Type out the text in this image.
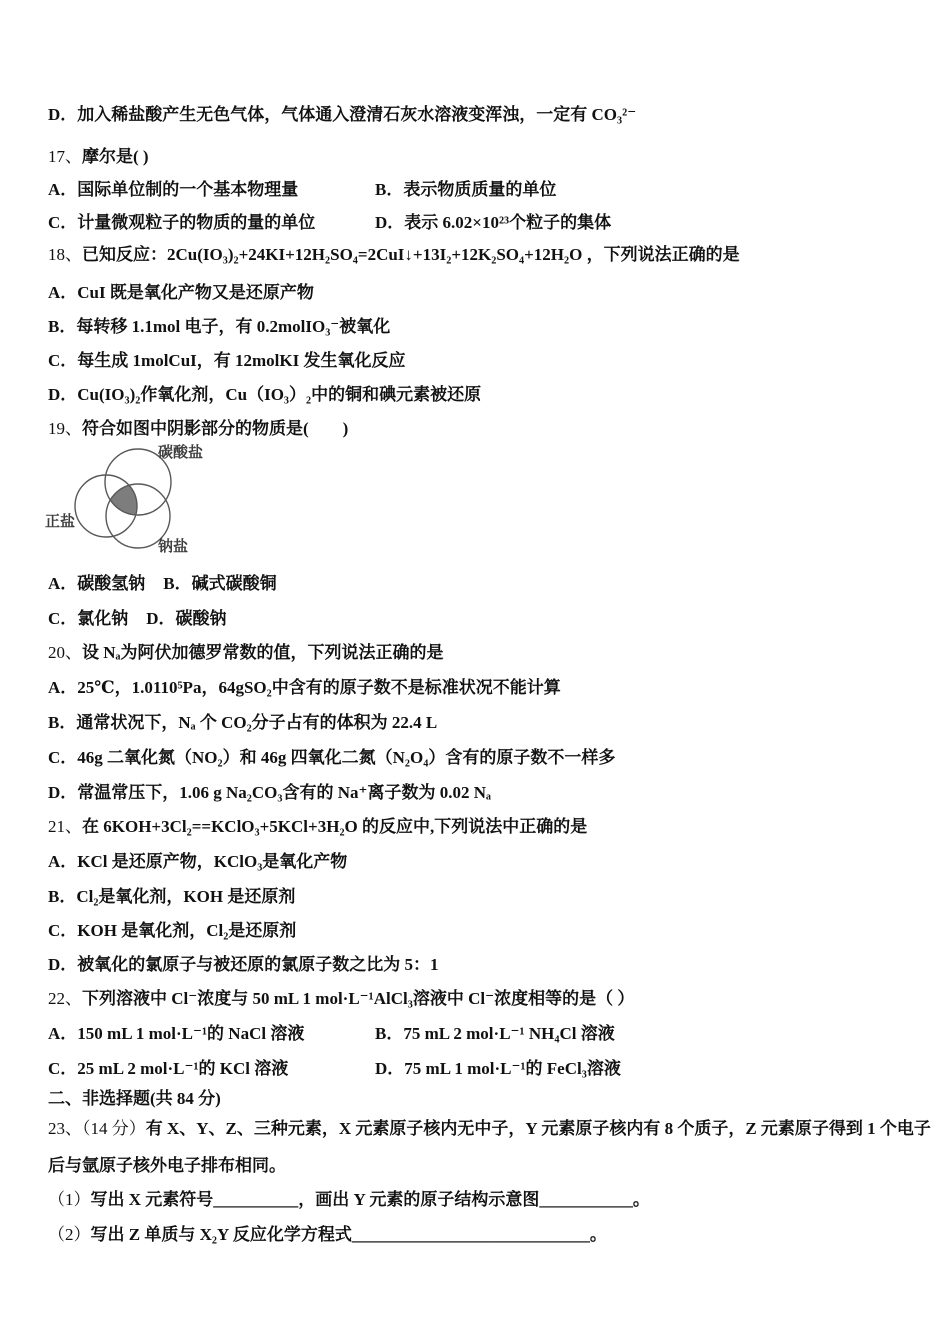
D．加入稀盐酸产生无色气体，气体通入澄清石灰水溶液变浑浊，一定有 CO₃²⁻
17、摩尔是( )
A．国际单位制的一个基本物理量	B．表示物质质量的单位
C．计量微观粒子的物质的量的单位	D．表示 6.02×10²³个粒子的集体
18、已知反应：2Cu(IO₃)₂+24KI+12H₂SO₄=2CuI↓+13I₂+12K₂SO₄+12H₂O ，下列说法正确的是
A．CuI 既是氧化产物又是还原产物
B．每转移 1.1mol 电子，有 0.2molIO₃⁻被氧化
C．每生成 1molCuI，有 12molKI 发生氧化反应
D．Cu(IO₃)₂作氧化剂，Cu（IO₃）₂中的铜和碘元素被还原
19、符合如图中阴影部分的物质是(　　)
碳酸盐
正盐
钠盐
A．碳酸氢钠 B．碱式碳酸铜
C．氯化钠 D．碳酸钠
20、设 Nₐ为阿伏加德罗常数的值，下列说法正确的是
A．25℃，1.0110⁵Pa，64gSO₂中含有的原子数不是标准状况不能计算
B．通常状况下，Nₐ 个 CO₂分子占有的体积为 22.4 L
C．46g 二氧化氮（NO₂）和 46g 四氧化二氮（N₂O₄）含有的原子数不一样多
D．常温常压下，1.06 g Na₂CO₃含有的 Na⁺离子数为 0.02 Nₐ
21、在 6KOH+3Cl₂==KClO₃+5KCl+3H₂O 的反应中,下列说法中正确的是
A．KCl 是还原产物，KClO₃是氧化产物
B．Cl₂是氧化剂，KOH 是还原剂
C．KOH 是氧化剂，Cl₂是还原剂
D．被氧化的氯原子与被还原的氯原子数之比为 5：1
22、下列溶液中 Cl⁻浓度与 50 mL 1 mol·L⁻¹AlCl₃溶液中 Cl⁻浓度相等的是（ ）
A．150 mL 1 mol·L⁻¹的 NaCl 溶液	B．75 mL 2 mol·L⁻¹ NH₄Cl 溶液
C．25 mL 2 mol·L⁻¹的 KCl 溶液	D．75 mL 1 mol·L⁻¹的 FeCl₃溶液
二、非选择题(共 84 分)
23、（14 分）有 X、Y、Z、三种元素，X 元素原子核内无中子，Y 元素原子核内有 8 个质子，Z 元素原子得到 1 个电子
后与氩原子核外电子排布相同。
（1）写出 X 元素符号__________，画出 Y 元素的原子结构示意图___________。
（2）写出 Z 单质与 X₂Y 反应化学方程式____________________________。
